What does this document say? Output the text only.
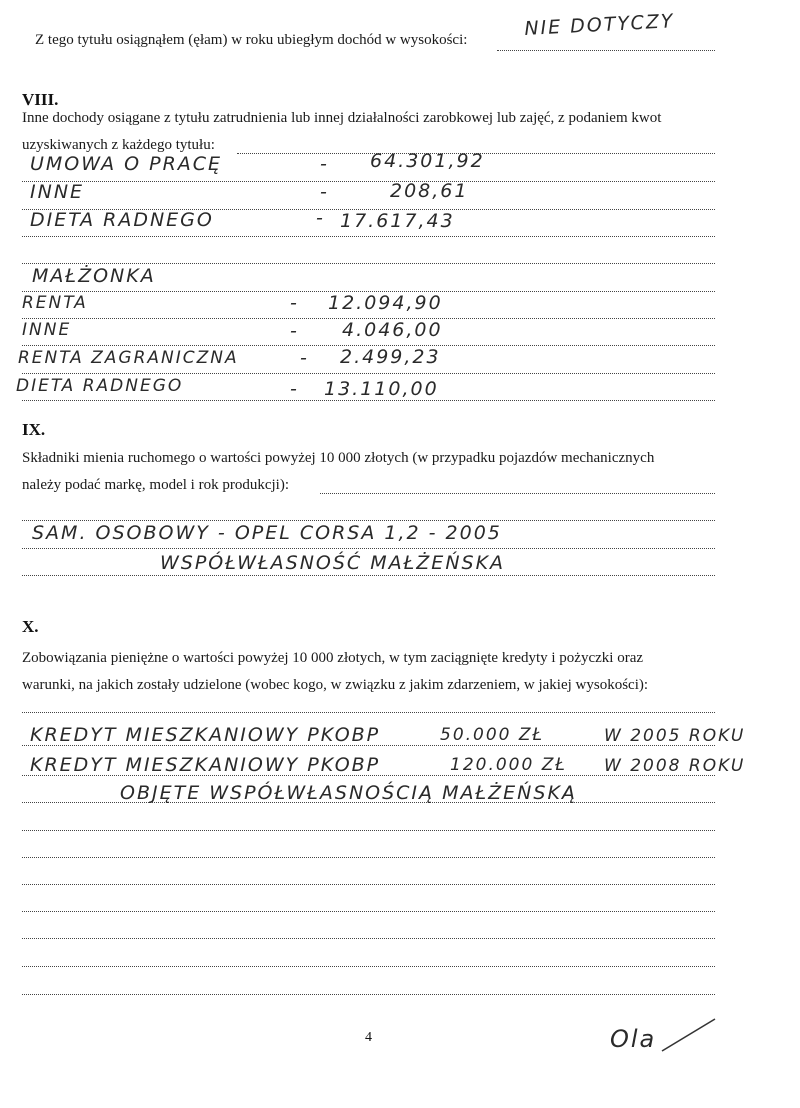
Z tego tytułu osiągnąłem (ęłam) w roku ubiegłym dochód w wysokości:	NIE DOTYCZY
VIII.
Inne dochody osiągane z tytułu zatrudnienia lub innej działalności zarobkowej lub zajęć, z podaniem kwot
uzyskiwanych z każdego tytułu:
UMOWA O PRACĘ	- 64.301,92
INNE	-	208,61
DIETA RADNEGO	- 17.617,43
MAŁŻONKA
RENTA	- 12.094,90
INNE	- 4.046,00
RENTA ZAGRANICZNA	- 2.499,23
DIETA RADNEGO	- 13.110,00
IX.
Składniki mienia ruchomego o wartości powyżej 10 000 złotych (w przypadku pojazdów mechanicznych
należy podać markę, model i rok produkcji):
SAM. OSOBOWY - OPEL CORSA 1,2 - 2005
WSPÓŁWŁASNOŚĆ MAŁŻEŃSKA
X.
Zobowiązania pieniężne o wartości powyżej 10 000 złotych, w tym zaciągnięte kredyty i pożyczki oraz
warunki, na jakich zostały udzielone (wobec kogo, w związku z jakim zdarzeniem, w jakiej wysokości):
KREDYT MIESZKANIOWY PKOBP	50.000 ZŁ	W 2005 ROKU
KREDYT MIESZKANIOWY PKOBP	120.000 ZŁ W 2008 ROKU
OBJĘTE WSPÓŁWŁASNOŚCIĄ MAŁŻEŃSKĄ
4	Ola
